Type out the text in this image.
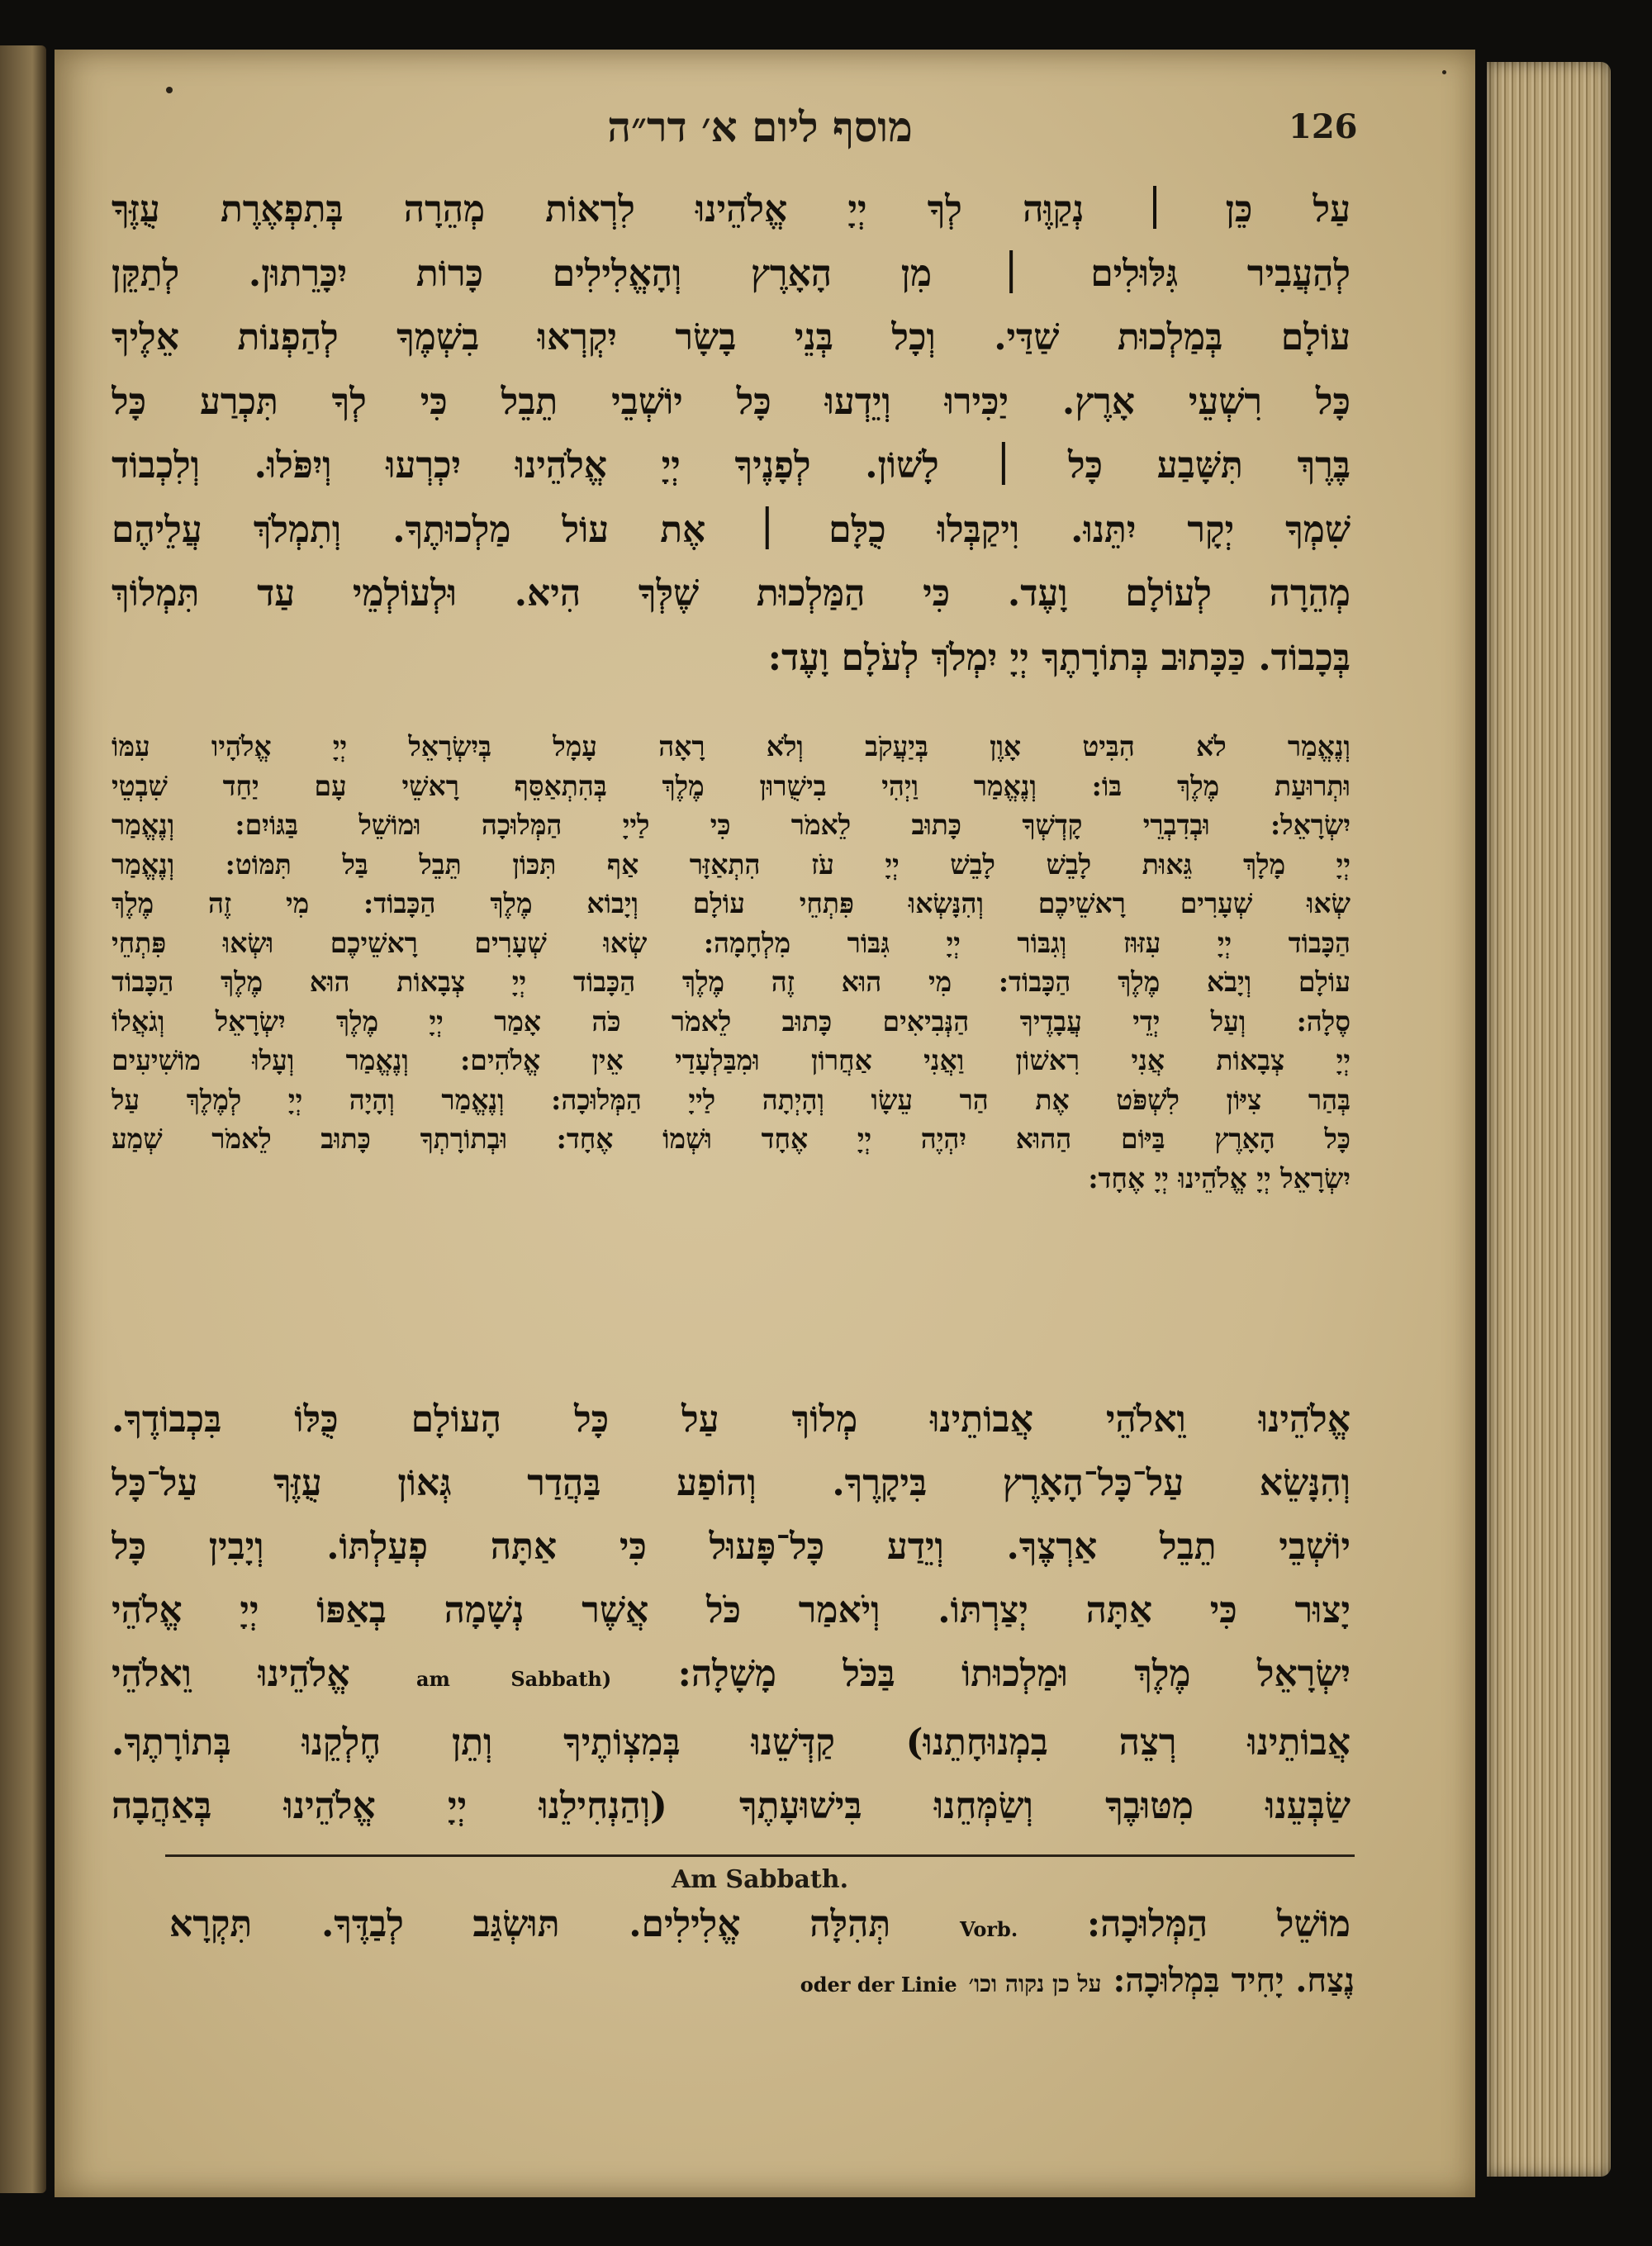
מוסף ליום א׳ דר״ה	126
עַל כֵּן ׀ נְקַוֶּה לְךָ יְיָ אֱלֹהֵינוּ לִרְאוֹת מְהֵרָה בְּתִפְאֶרֶת עֻזֶּךָ
לְהַעֲבִיר גִּלּוּלִים ׀ מִן הָאָרֶץ וְהָאֱלִילִים כָּרוֹת יִכָּרֵתוּן. לְתַקֵּן
עוֹלָם בְּמַלְכוּת שַׁדַּי. וְכָל בְּנֵי בָשָׂר יִקְרְאוּ בִשְׁמֶךָ לְהַפְנוֹת אֵלֶיךָ
כָּל רִשְׁעֵי אָרֶץ. יַכִּירוּ וְיֵדְעוּ כָּל יוֹשְׁבֵי תֵבֵל כִּי לְךָ תִּכְרַע כָּל
בֶּרֶךְ תִּשָּׁבַע כָּל ׀ לָשׁוֹן. לְפָנֶיךָ יְיָ אֱלֹהֵינוּ יִכְרְעוּ וְיִפֹּלוּ. וְלִכְבוֹד
שִׁמְךָ יְקָר יִתֵּנוּ. וִיקַבְּלוּ כֻלָּם ׀ אֶת עוֹל מַלְכוּתֶךָ. וְתִמְלֹךְ עֲלֵיהֶם
מְהֵרָה לְעוֹלָם וָעֶד. כִּי הַמַּלְכוּת שֶׁלְּךָ הִיא. וּלְעוֹלְמֵי עַד תִּמְלוֹךְ
בְּכָבוֹד. כַּכָּתוּב בְּתוֹרָתֶךָ יְיָ יִמְלֹךְ לְעֹלָם וָעֶד:
וְנֶאֱמַר לֹא הִבִּיט אָוֶן בְּיַעֲקֹב וְלֹא רָאָה עָמָל בְּיִשְׂרָאֵל יְיָ אֱלֹהָיו עִמּוֹ
וּתְרוּעַת מֶלֶךְ בּוֹ: וְנֶאֱמַר וַיְהִי בִישֻׁרוּן מֶלֶךְ בְּהִתְאַסֵּף רָאשֵׁי עָם יַחַד שִׁבְטֵי
יִשְׂרָאֵל: וּבְדִבְרֵי קָדְשְׁךָ כָּתוּב לֵאמֹר כִּי לַייָ הַמְּלוּכָה וּמוֹשֵׁל בַּגּוֹיִם: וְנֶאֱמַר
יְיָ מָלָךְ גֵּאוּת לָבֵשׁ לָבֵשׁ יְיָ עֹז הִתְאַזָּר אַף תִּכּוֹן תֵּבֵל בַּל תִּמּוֹט: וְנֶאֱמַר
שְׂאוּ שְׁעָרִים רָאשֵׁיכֶם וְהִנָּשְׂאוּ פִּתְחֵי עוֹלָם וְיָבוֹא מֶלֶךְ הַכָּבוֹד: מִי זֶה מֶלֶךְ
הַכָּבוֹד יְיָ עִזּוּז וְגִבּוֹר יְיָ גִּבּוֹר מִלְחָמָה: שְׂאוּ שְׁעָרִים רָאשֵׁיכֶם וּשְׂאוּ פִּתְחֵי
עוֹלָם וְיָבֹא מֶלֶךְ הַכָּבוֹד: מִי הוּא זֶה מֶלֶךְ הַכָּבוֹד יְיָ צְבָאוֹת הוּא מֶלֶךְ הַכָּבוֹד
סֶלָה: וְעַל יְדֵי עֲבָדֶיךָ הַנְּבִיאִים כָּתוּב לֵאמֹר כֹּה אָמַר יְיָ מֶלֶךְ יִשְׂרָאֵל וְגֹאֲלוֹ
יְיָ צְבָאוֹת אֲנִי רִאשׁוֹן וַאֲנִי אַחֲרוֹן וּמִבַּלְעָדַי אֵין אֱלֹהִים: וְנֶאֱמַר וְעָלוּ מוֹשִׁיעִים
בְּהַר צִיּוֹן לִשְׁפֹּט אֶת הַר עֵשָׂו וְהָיְתָה לַייָ הַמְּלוּכָה: וְנֶאֱמַר וְהָיָה יְיָ לְמֶלֶךְ עַל
כָּל הָאָרֶץ בַּיּוֹם הַהוּא יִהְיֶה יְיָ אֶחָד וּשְׁמוֹ אֶחָד: וּבְתוֹרָתְךָ כָּתוּב לֵאמֹר שְׁמַע
יִשְׂרָאֵל יְיָ אֱלֹהֵינוּ יְיָ אֶחָד:
אֱלֹהֵינוּ וֵאלֹהֵי אֲבוֹתֵינוּ מְלוֹךְ עַל כָּל הָעוֹלָם כֻּלּוֹ בִּכְבוֹדֶךָ.
וְהִנָּשֵׂא עַל־כָּל־הָאָרֶץ בִּיקָרֶךָ. וְהוֹפַע בַּהֲדַר גְּאוֹן עֻזֶּךָ עַל־כָּל
יוֹשְׁבֵי תֵבֵל אַרְצֶךָ. וְיֵדַע כָּל־פָּעוּל כִּי אַתָּה פְעַלְתּוֹ. וְיָבִין כָּל
יָצוּר כִּי אַתָּה יְצַרְתּוֹ. וְיֹאמַר כֹּל אֲשֶׁר נְשָׁמָה בְאַפּוֹ יְיָ אֱלֹהֵי
יִשְׂרָאֵל מֶלֶךְ וּמַלְכוּתוֹ בַּכֹּל מָשָׁלָה: am Sabbath) אֱלֹהֵינוּ וֵאלֹהֵי
אֲבוֹתֵינוּ רְצֵה בִמְנוּחָתֵנוּ) קַדְּשֵׁנוּ בְּמִצְוֹתֶיךָ וְתֵן חֶלְקֵנוּ בְּתוֹרָתֶךָ.
שַׂבְּעֵנוּ מִטּוּבֶךָ וְשַׂמְּחֵנוּ בִּישׁוּעָתֶךָ (וְהַנְחִילֵנוּ יְיָ אֱלֹהֵינוּ בְּאַהֲבָה
Am Sabbath.
מוֹשֵׁל הַמְּלוּכָה: Vorb. תְּהִלָּה אֱלִילִים. תּוּשְׂגַּב לְבַדֶּךָ. תִּקְרָא
נֶצַח. יָחִיד בִּמְלוּכָה: על כן נקוה וכו׳ oder der Linie
